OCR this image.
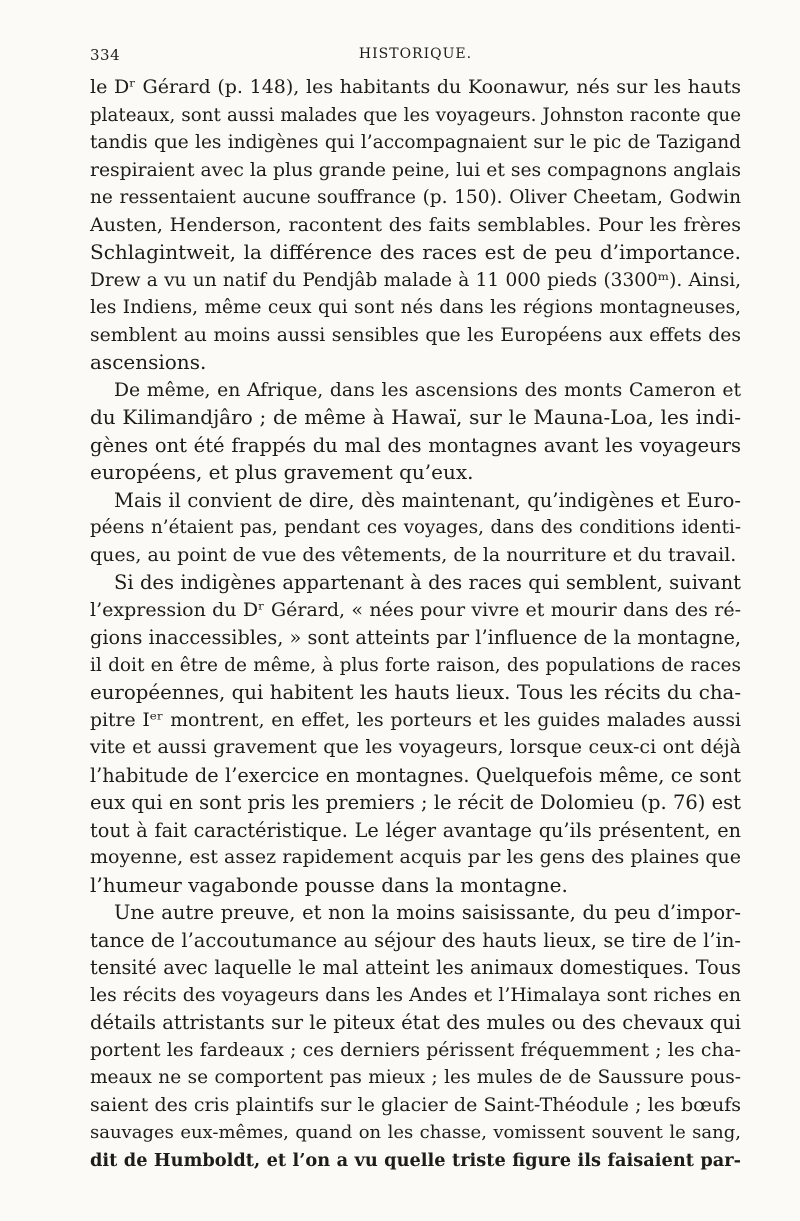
334	HISTORIQUE.
le Dʳ Gérard (p. 148), les habitants du Koonawur, nés sur les hauts
plateaux, sont aussi malades que les voyageurs. Johnston raconte que
tandis que les indigènes qui l’accompagnaient sur le pic de Tazigand
respiraient avec la plus grande peine, lui et ses compagnons anglais
ne ressentaient aucune souffrance (p. 150). Oliver Cheetam, Godwin
Austen, Henderson, racontent des faits semblables. Pour les frères
Schlagintweit, la différence des races est de peu d’importance.
Drew a vu un natif du Pendjâb malade à 11 000 pieds (3300ᵐ). Ainsi,
les Indiens, même ceux qui sont nés dans les régions montagneuses,
semblent au moins aussi sensibles que les Européens aux effets des
ascensions.
De même, en Afrique, dans les ascensions des monts Cameron et
du Kilimandjâro ; de même à Hawaï, sur le Mauna-Loa, les indi-
gènes ont été frappés du mal des montagnes avant les voyageurs
européens, et plus gravement qu’eux.
Mais il convient de dire, dès maintenant, qu’indigènes et Euro-
péens n’étaient pas, pendant ces voyages, dans des conditions identi-
ques, au point de vue des vêtements, de la nourriture et du travail.
Si des indigènes appartenant à des races qui semblent, suivant
l’expression du Dʳ Gérard, « nées pour vivre et mourir dans des ré-
gions inaccessibles, » sont atteints par l’influence de la montagne,
il doit en être de même, à plus forte raison, des populations de races
européennes, qui habitent les hauts lieux. Tous les récits du cha-
pitre Iᵉʳ montrent, en effet, les porteurs et les guides malades aussi
vite et aussi gravement que les voyageurs, lorsque ceux-ci ont déjà
l’habitude de l’exercice en montagnes. Quelquefois même, ce sont
eux qui en sont pris les premiers ; le récit de Dolomieu (p. 76) est
tout à fait caractéristique. Le léger avantage qu’ils présentent, en
moyenne, est assez rapidement acquis par les gens des plaines que
l’humeur vagabonde pousse dans la montagne.
Une autre preuve, et non la moins saisissante, du peu d’impor-
tance de l’accoutumance au séjour des hauts lieux, se tire de l’in-
tensité avec laquelle le mal atteint les animaux domestiques. Tous
les récits des voyageurs dans les Andes et l’Himalaya sont riches en
détails attristants sur le piteux état des mules ou des chevaux qui
portent les fardeaux ; ces derniers périssent fréquemment ; les cha-
meaux ne se comportent pas mieux ; les mules de de Saussure pous-
saient des cris plaintifs sur le glacier de Saint-Théodule ; les bœufs
sauvages eux-mêmes, quand on les chasse, vomissent souvent le sang,
dit de Humboldt, et l’on a vu quelle triste figure ils faisaient par-
